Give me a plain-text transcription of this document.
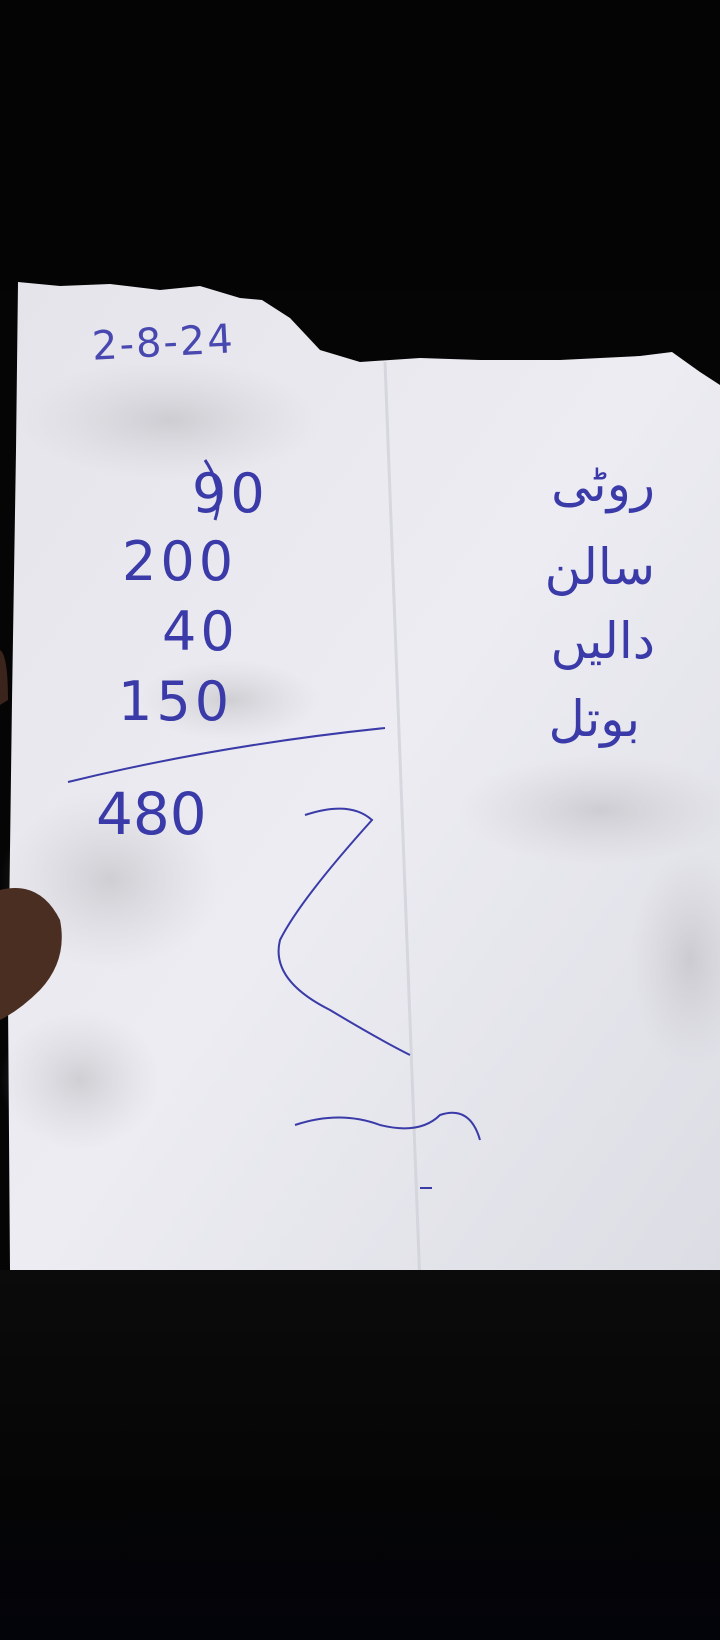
2-8-24
90
200
40
150
480
روٹی
سالن
دالیں
بوتل
